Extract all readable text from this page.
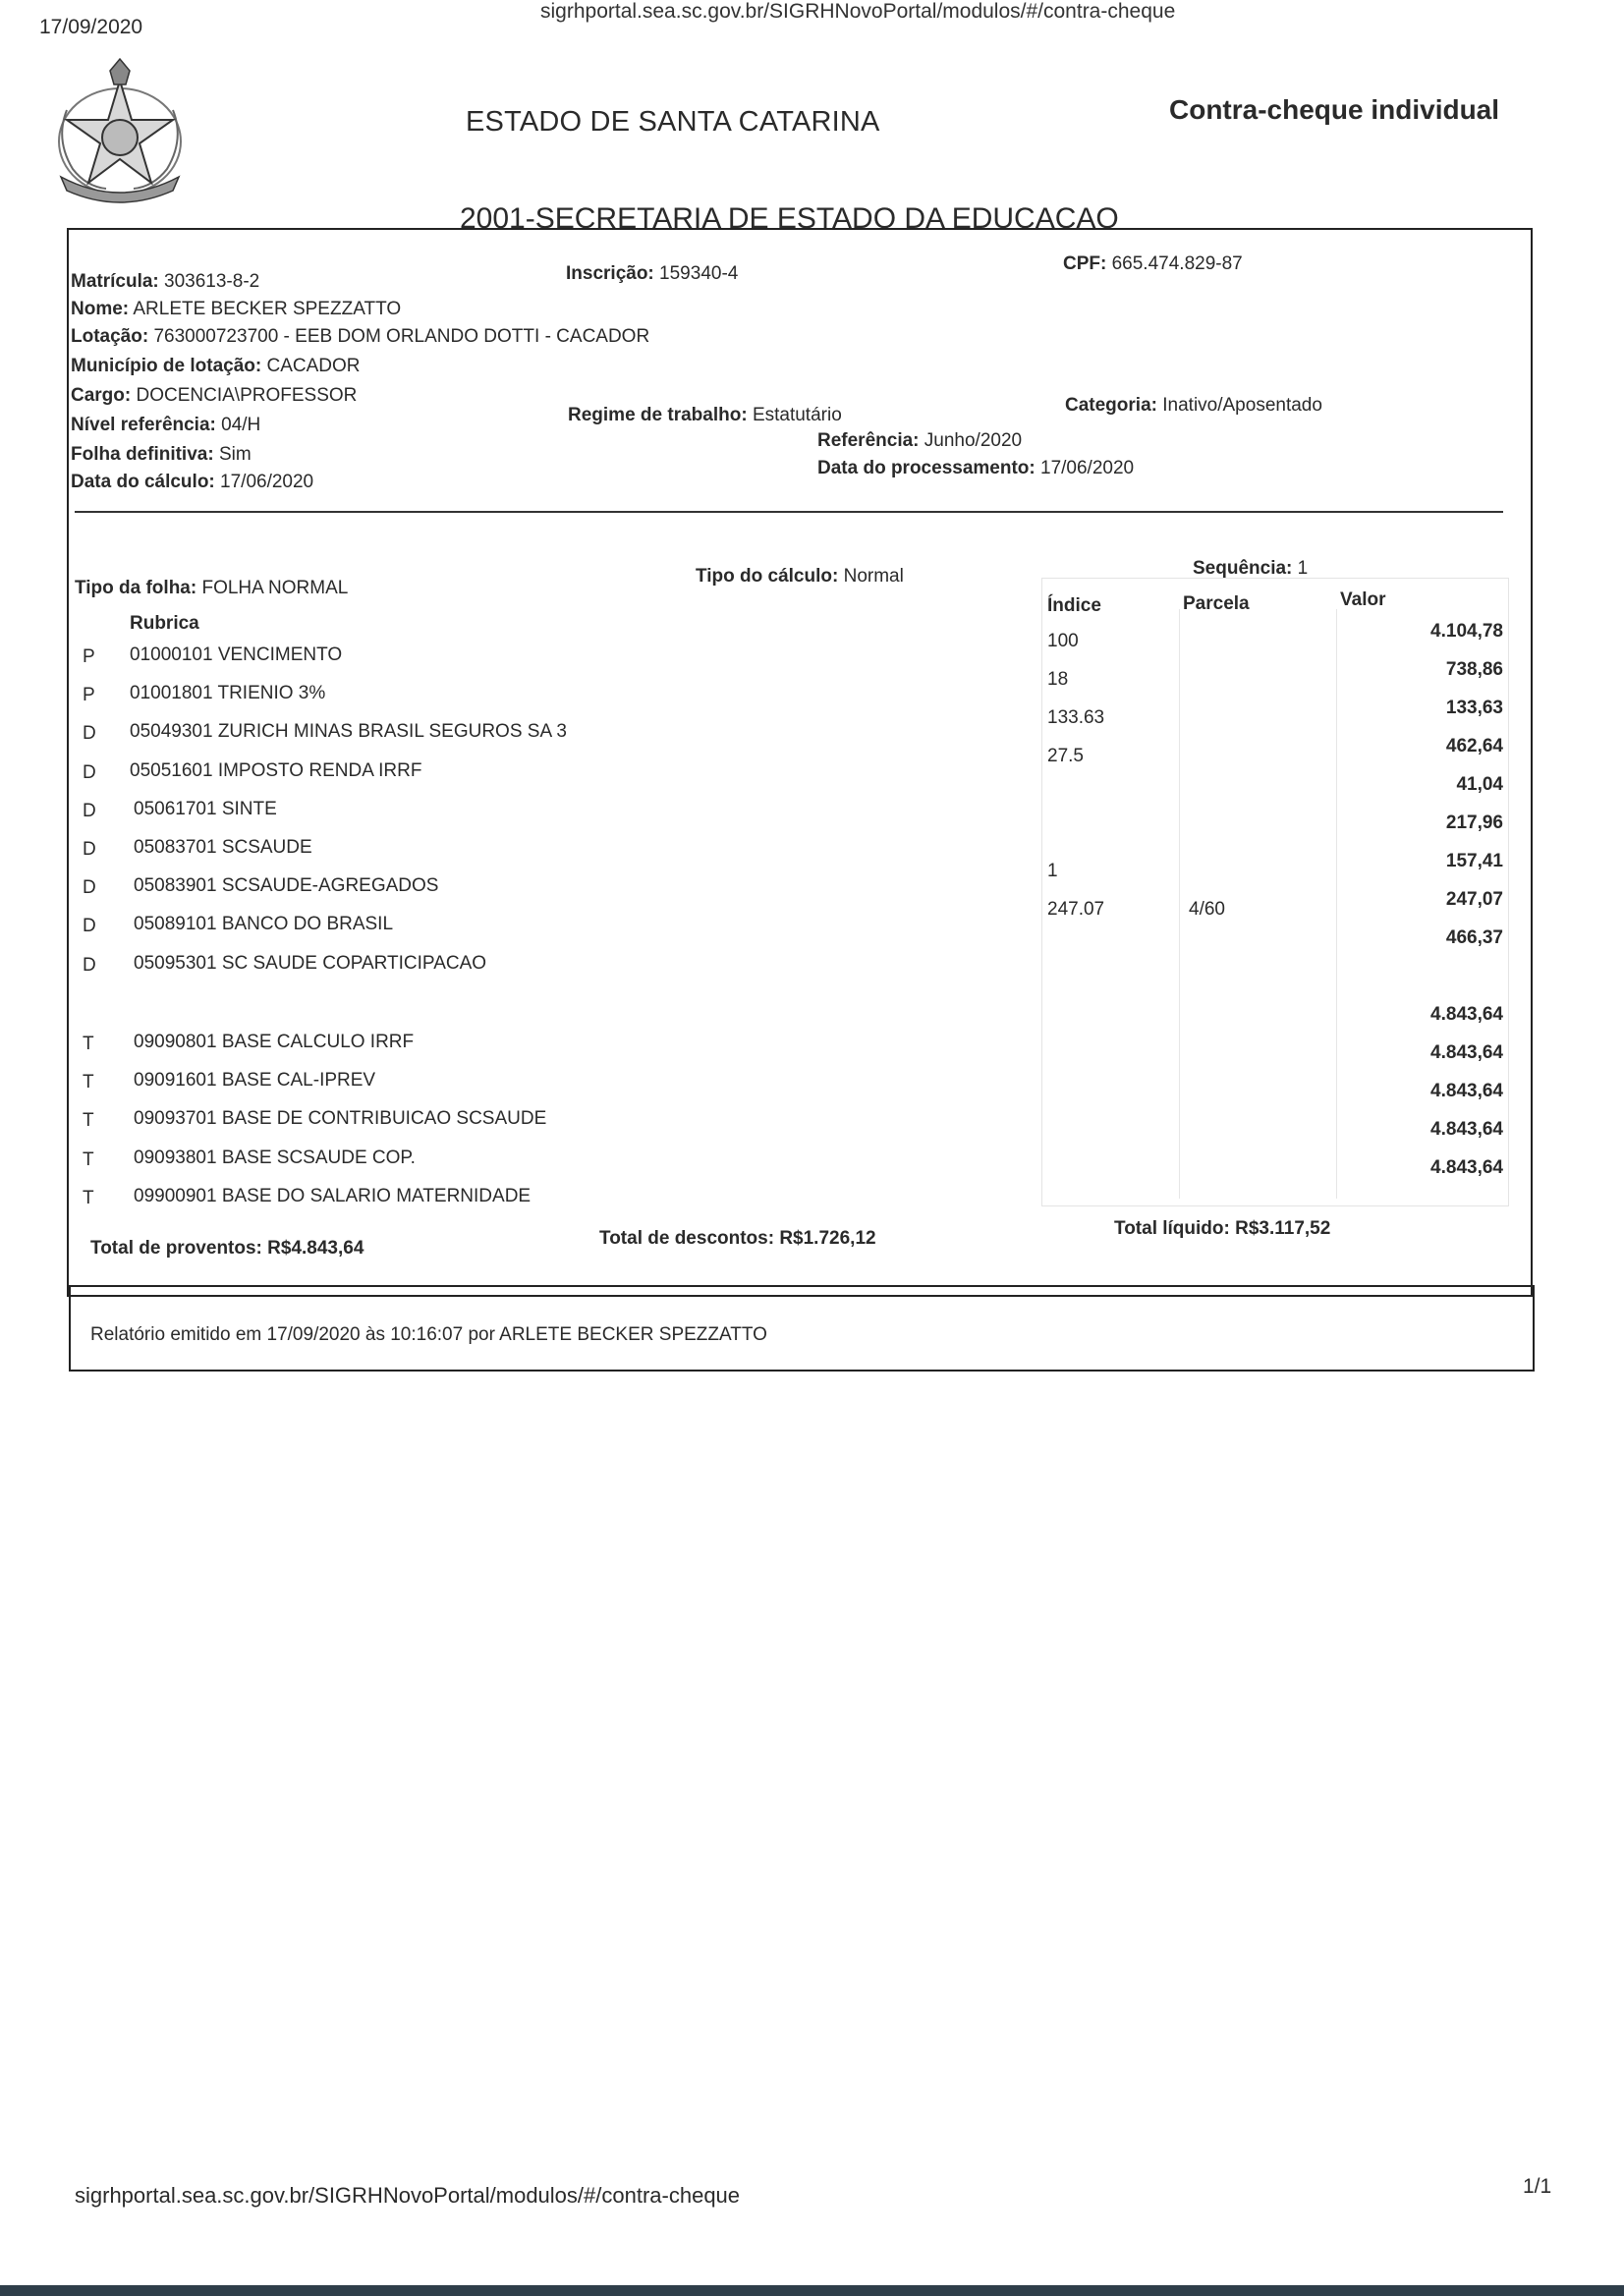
17/09/2020
sigrhportal.sea.sc.gov.br/SIGRHNovoPortal/modulos/#/contra-cheque
ESTADO DE SANTA CATARINA	Contra-cheque individual
2001-SECRETARIA DE ESTADO DA EDUCACAO
Matrícula: 303613-8-2	Inscrição: 159340-4	CPF: 665.474.829-87
Nome: ARLETE BECKER SPEZZATTO
Lotação: 763000723700 - EEB DOM ORLANDO DOTTI - CACADOR
Município de lotação: CACADOR
Cargo: DOCENCIA\PROFESSOR
Nível referência: 04/H	Regime de trabalho: Estatutário	Categoria: Inativo/Aposentado
Referência: Junho/2020
Folha definitiva: Sim
Data do processamento: 17/06/2020
Data do cálculo: 17/06/2020
Tipo da folha: FOLHA NORMAL
Tipo do cálculo: Normal	Sequência: 1
Rubrica
Índice	Parcela	Valor
P 01000101 VENCIMENTO
100	4.104,78
P 01001801 TRIENIO 3%
18	738,86
D 05049301 ZURICH MINAS BRASIL SEGUROS SA 3
133.63	133,63
D 05051601 IMPOSTO RENDA IRRF
27.5	462,64
D 05061701 SINTE
41,04
D 05083701 SCSAUDE
217,96
D 05083901 SCSAUDE-AGREGADOS
1	157,41
D 05089101 BANCO DO BRASIL
247.07	4/60	247,07
D 05095301 SC SAUDE COPARTICIPACAO
466,37
T 09090801 BASE CALCULO IRRF
4.843,64
T 09091601 BASE CAL-IPREV
4.843,64
T 09093701 BASE DE CONTRIBUICAO SCSAUDE
4.843,64
T 09093801 BASE SCSAUDE COP.
4.843,64
T 09900901 BASE DO SALARIO MATERNIDADE
4.843,64
Total de proventos: R$4.843,64	Total de descontos: R$1.726,12	Total líquido: R$3.117,52
Relatório emitido em 17/09/2020 às 10:16:07 por ARLETE BECKER SPEZZATTO
sigrhportal.sea.sc.gov.br/SIGRHNovoPortal/modulos/#/contra-cheque	1/1
